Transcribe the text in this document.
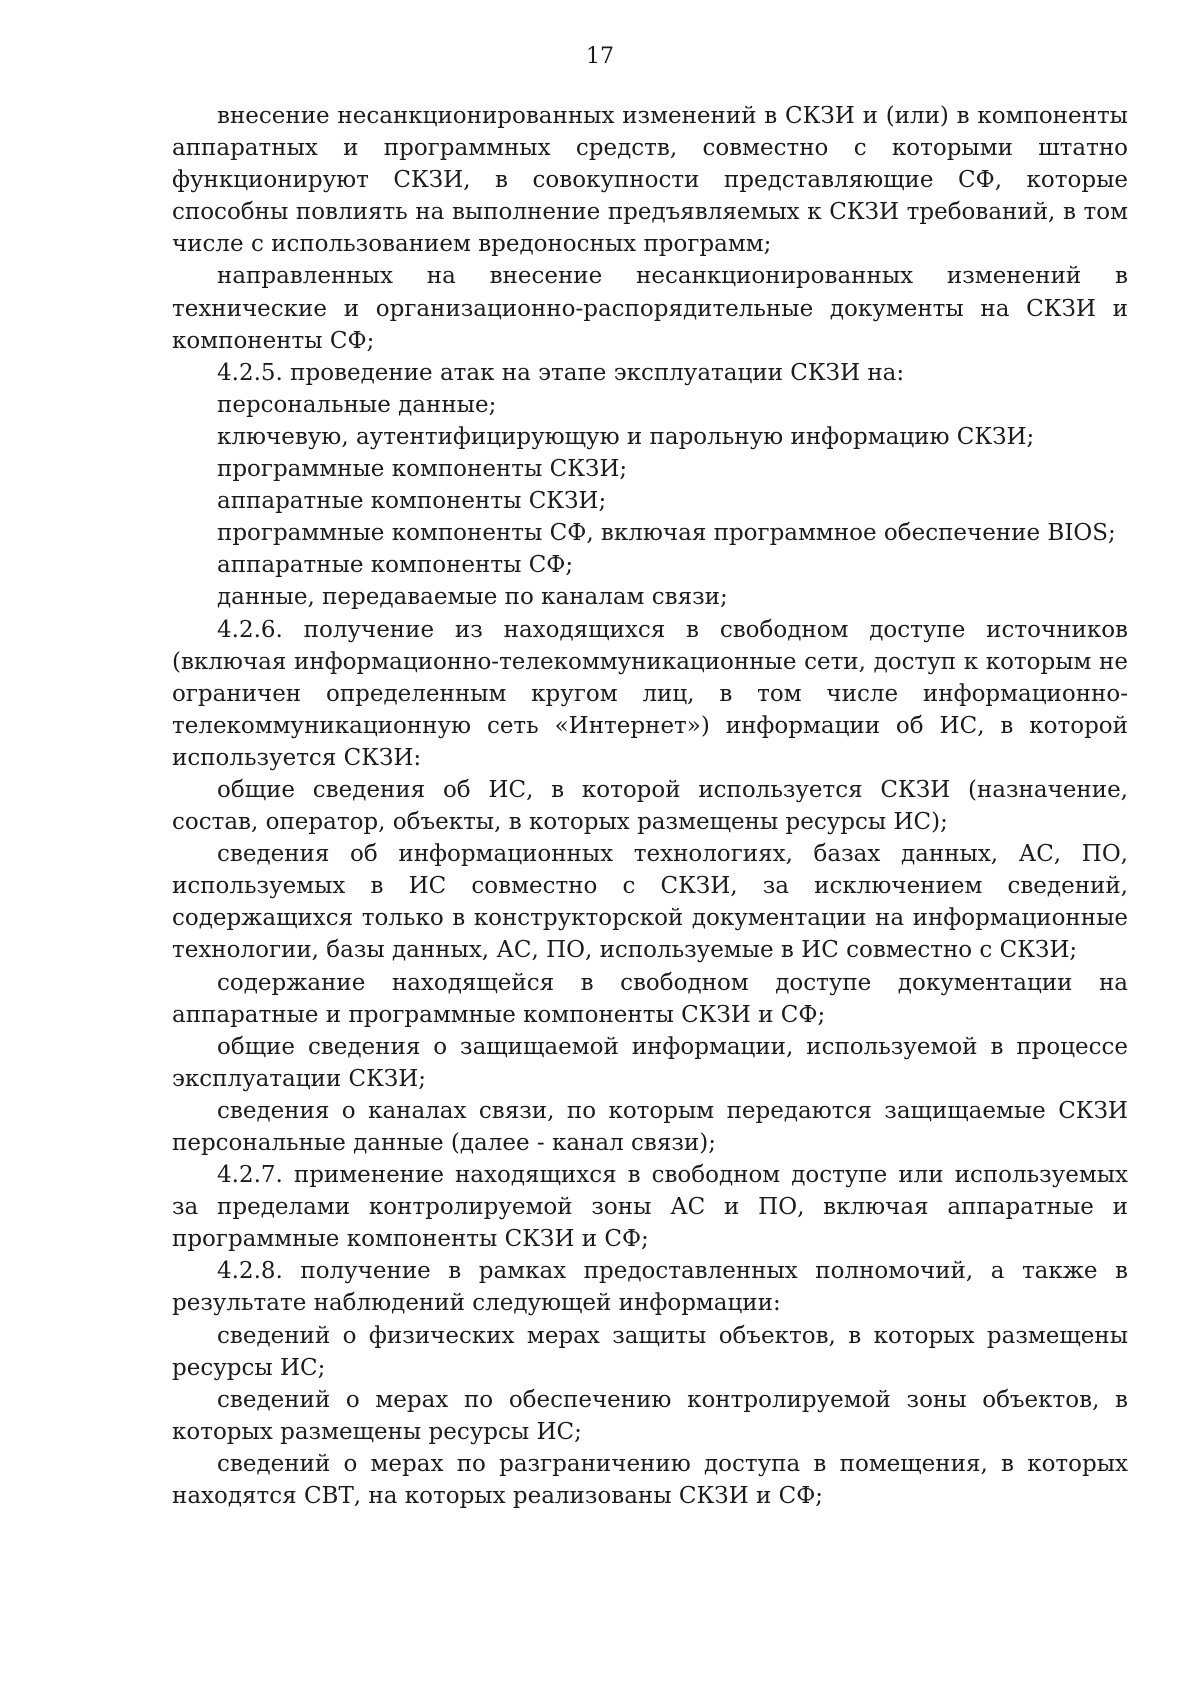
17

внесение несанкционированных изменений в СКЗИ и (или) в компоненты аппаратных и программных средств, совместно с которыми штатно функционируют СКЗИ, в совокупности представляющие СФ, которые способны повлиять на выполнение предъявляемых к СКЗИ требований, в том числе с использованием вредоносных программ;

направленных на внесение несанкционированных изменений в технические и организационно-распорядительные документы на СКЗИ и компоненты СФ;

4.2.5. проведение атак на этапе эксплуатации СКЗИ на:

персональные данные;

ключевую, аутентифицирующую и парольную информацию СКЗИ;

программные компоненты СКЗИ;

аппаратные компоненты СКЗИ;

программные компоненты СФ, включая программное обеспечение BIOS;

аппаратные компоненты СФ;

данные, передаваемые по каналам связи;

4.2.6. получение из находящихся в свободном доступе источников (включая информационно-телекоммуникационные сети, доступ к которым не ограничен определенным кругом лиц, в том числе информационно-телекоммуникационную сеть «Интернет») информации об ИС, в которой используется СКЗИ:

общие сведения об ИС, в которой используется СКЗИ (назначение, состав, оператор, объекты, в которых размещены ресурсы ИС);

сведения об информационных технологиях, базах данных, АС, ПО, используемых в ИС совместно с СКЗИ, за исключением сведений, содержащихся только в конструкторской документации на информационные технологии, базы данных, АС, ПО, используемые в ИС совместно с СКЗИ;

содержание находящейся в свободном доступе документации на аппаратные и программные компоненты СКЗИ и СФ;

общие сведения о защищаемой информации, используемой в процессе эксплуатации СКЗИ;

сведения о каналах связи, по которым передаются защищаемые СКЗИ персональные данные (далее - канал связи);

4.2.7. применение находящихся в свободном доступе или используемых за пределами контролируемой зоны АС и ПО, включая аппаратные и программные компоненты СКЗИ и СФ;

4.2.8. получение в рамках предоставленных полномочий, а также в результате наблюдений следующей информации:

сведений о физических мерах защиты объектов, в которых размещены ресурсы ИС;

сведений о мерах по обеспечению контролируемой зоны объектов, в которых размещены ресурсы ИС;

сведений о мерах по разграничению доступа в помещения, в которых находятся СВТ, на которых реализованы СКЗИ и СФ;
